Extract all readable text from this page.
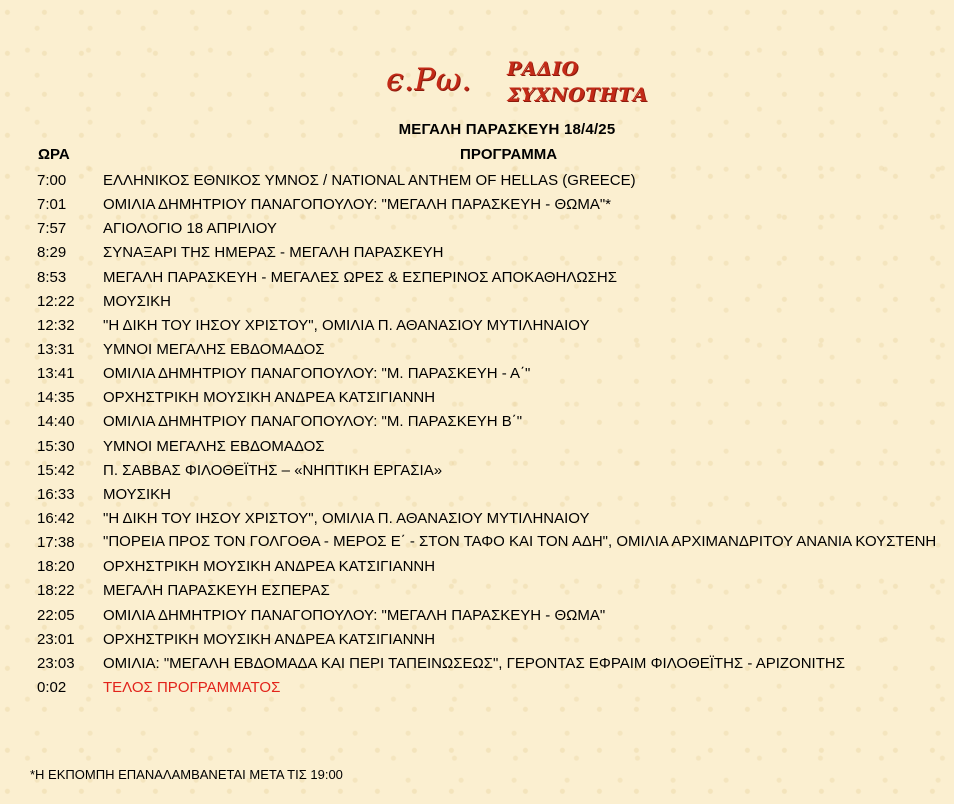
ϵ.Ρω. ΡΑΔΙΟ
ΣΥΧΝΟΤΗΤΑ
ΜΕΓΑΛΗ ΠΑΡΑΣΚΕΥΗ 18/4/25
ΩΡΑ	ΠΡΟΓΡΑΜΜΑ
7:00	ΕΛΛΗΝΙΚΟΣ ΕΘΝΙΚΟΣ ΥΜΝΟΣ / NATIONAL ANTHEM OF HELLAS (GREECE)
7:01	ΟΜΙΛΙΑ ΔΗΜΗΤΡΙΟΥ ΠΑΝΑΓΟΠΟΥΛΟΥ: "ΜΕΓΑΛΗ ΠΑΡΑΣΚΕΥΗ - ΘΩΜΑ"*
7:57	ΑΓΙΟΛΟΓΙΟ 18 ΑΠΡΙΛΙΟΥ
8:29	ΣΥΝΑΞΑΡΙ ΤΗΣ ΗΜΕΡΑΣ - ΜΕΓΑΛΗ ΠΑΡΑΣΚΕΥΗ
8:53	ΜΕΓΑΛΗ ΠΑΡΑΣΚΕΥΗ - ΜΕΓΑΛΕΣ ΩΡΕΣ & ΕΣΠΕΡΙΝΟΣ ΑΠΟΚΑΘΗΛΩΣΗΣ
12:22	ΜΟΥΣΙΚΗ
12:32	"Η ΔΙΚΗ ΤΟΥ ΙΗΣΟΥ ΧΡΙΣΤΟΥ", ΟΜΙΛΙΑ Π. ΑΘΑΝΑΣΙΟΥ ΜΥΤΙΛΗΝΑΙΟΥ
13:31	ΥΜΝΟΙ ΜΕΓΑΛΗΣ ΕΒΔΟΜΑΔΟΣ
13:41	ΟΜΙΛΙΑ ΔΗΜΗΤΡΙΟΥ ΠΑΝΑΓΟΠΟΥΛΟΥ: "Μ. ΠΑΡΑΣΚΕΥΗ - Α΄"
14:35	ΟΡΧΗΣΤΡΙΚΗ ΜΟΥΣΙΚΗ ΑΝΔΡΕΑ ΚΑΤΣΙΓΙΑΝΝΗ
14:40	ΟΜΙΛΙΑ ΔΗΜΗΤΡΙΟΥ ΠΑΝΑΓΟΠΟΥΛΟΥ: "Μ. ΠΑΡΑΣΚΕΥΗ Β΄"
15:30	ΥΜΝΟΙ ΜΕΓΑΛΗΣ ΕΒΔΟΜΑΔΟΣ
15:42	Π. ΣΑΒΒΑΣ ΦΙΛΟΘΕΪΤΗΣ – «ΝΗΠΤΙΚΗ ΕΡΓΑΣΙΑ»
16:33	ΜΟΥΣΙΚΗ
16:42	"Η ΔΙΚΗ ΤΟΥ ΙΗΣΟΥ ΧΡΙΣΤΟΥ", ΟΜΙΛΙΑ Π. ΑΘΑΝΑΣΙΟΥ ΜΥΤΙΛΗΝΑΙΟΥ
17:38	"ΠΟΡΕΙΑ ΠΡΟΣ ΤΟΝ ΓΟΛΓΟΘΑ - ΜΕΡΟΣ Ε΄ - ΣΤΟΝ ΤΑΦΟ ΚΑΙ ΤΟΝ ΑΔΗ", ΟΜΙΛΙΑ ΑΡΧΙΜΑΝΔΡΙΤΟΥ ΑΝΑΝΙΑ ΚΟΥΣΤΕΝΗ
18:20	ΟΡΧΗΣΤΡΙΚΗ ΜΟΥΣΙΚΗ ΑΝΔΡΕΑ ΚΑΤΣΙΓΙΑΝΝΗ
18:22	ΜΕΓΑΛΗ ΠΑΡΑΣΚΕΥΗ ΕΣΠΕΡΑΣ
22:05	ΟΜΙΛΙΑ ΔΗΜΗΤΡΙΟΥ ΠΑΝΑΓΟΠΟΥΛΟΥ: "ΜΕΓΑΛΗ ΠΑΡΑΣΚΕΥΗ - ΘΩΜΑ"
23:01	ΟΡΧΗΣΤΡΙΚΗ ΜΟΥΣΙΚΗ ΑΝΔΡΕΑ ΚΑΤΣΙΓΙΑΝΝΗ
23:03	ΟΜΙΛΙΑ: "ΜΕΓΑΛΗ ΕΒΔΟΜΑΔΑ ΚΑΙ ΠΕΡΙ ΤΑΠΕΙΝΩΣΕΩΣ", ΓΕΡΟΝΤΑΣ ΕΦΡΑΙΜ ΦΙΛΟΘΕΪΤΗΣ - ΑΡΙΖΟΝΙΤΗΣ
0:02	ΤΕΛΟΣ ΠΡΟΓΡΑΜΜΑΤΟΣ
*Η ΕΚΠΟΜΠΗ ΕΠΑΝΑΛΑΜΒΑΝΕΤΑΙ ΜΕΤΑ ΤΙΣ 19:00
